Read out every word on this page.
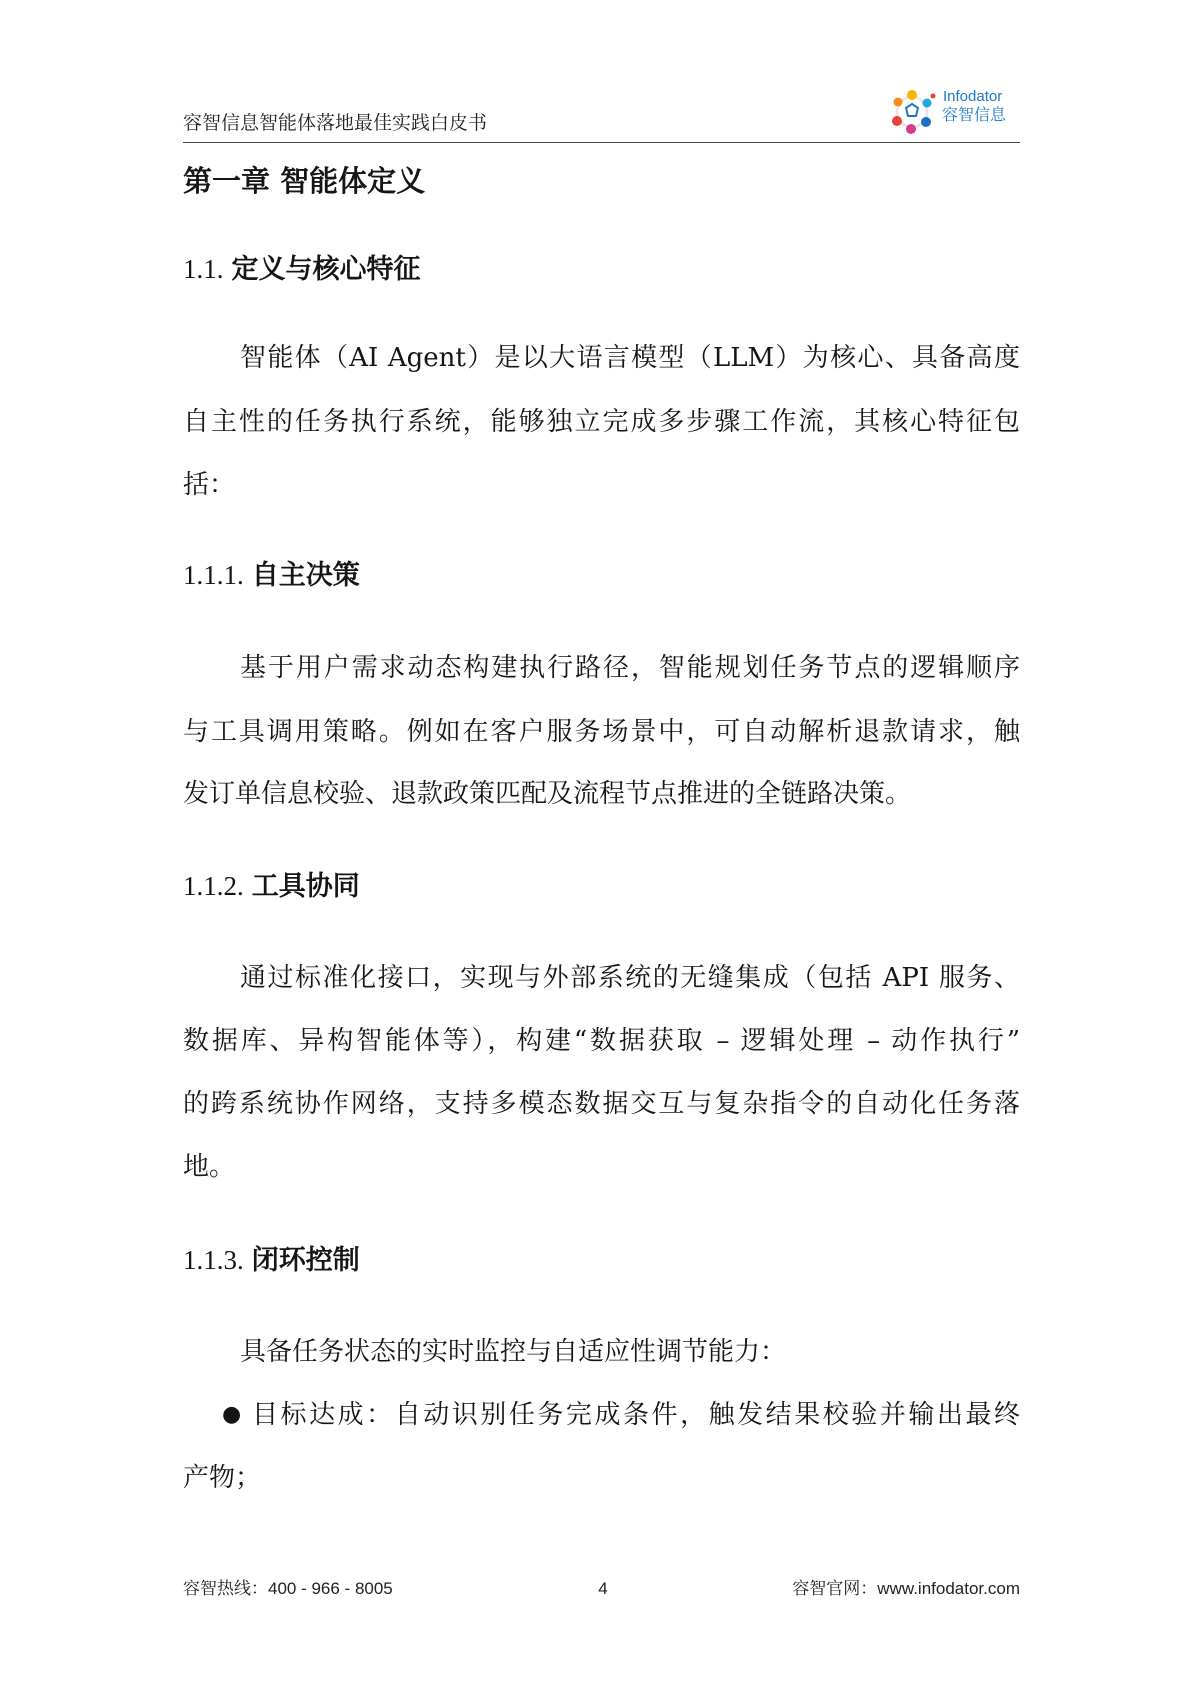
容智信息智能体落地最佳实践白皮书
Infodator
容智信息
第一章 智能体定义
1.1. 定义与核心特征
智能体（AI Agent）是以大语言模型（LLM）为核心、具备高度
自主性的任务执行系统，能够独立完成多步骤工作流，其核心特征包
括：
1.1.1. 自主决策
基于用户需求动态构建执行路径，智能规划任务节点的逻辑顺序
与工具调用策略。例如在客户服务场景中，可自动解析退款请求，触
发订单信息校验、退款政策匹配及流程节点推进的全链路决策。
1.1.2. 工具协同
通过标准化接口，实现与外部系统的无缝集成（包括 API 服务、
数据库、异构智能体等），构建“数据获取 – 逻辑处理 – 动作执行”
的跨系统协作网络，支持多模态数据交互与复杂指令的自动化任务落
地。
1.1.3. 闭环控制
具备任务状态的实时监控与自适应性调节能力：
● 目标达成：自动识别任务完成条件，触发结果校验并输出最终
产物；
容智热线：400 - 966 - 8005	4	容智官网：www.infodator.com
